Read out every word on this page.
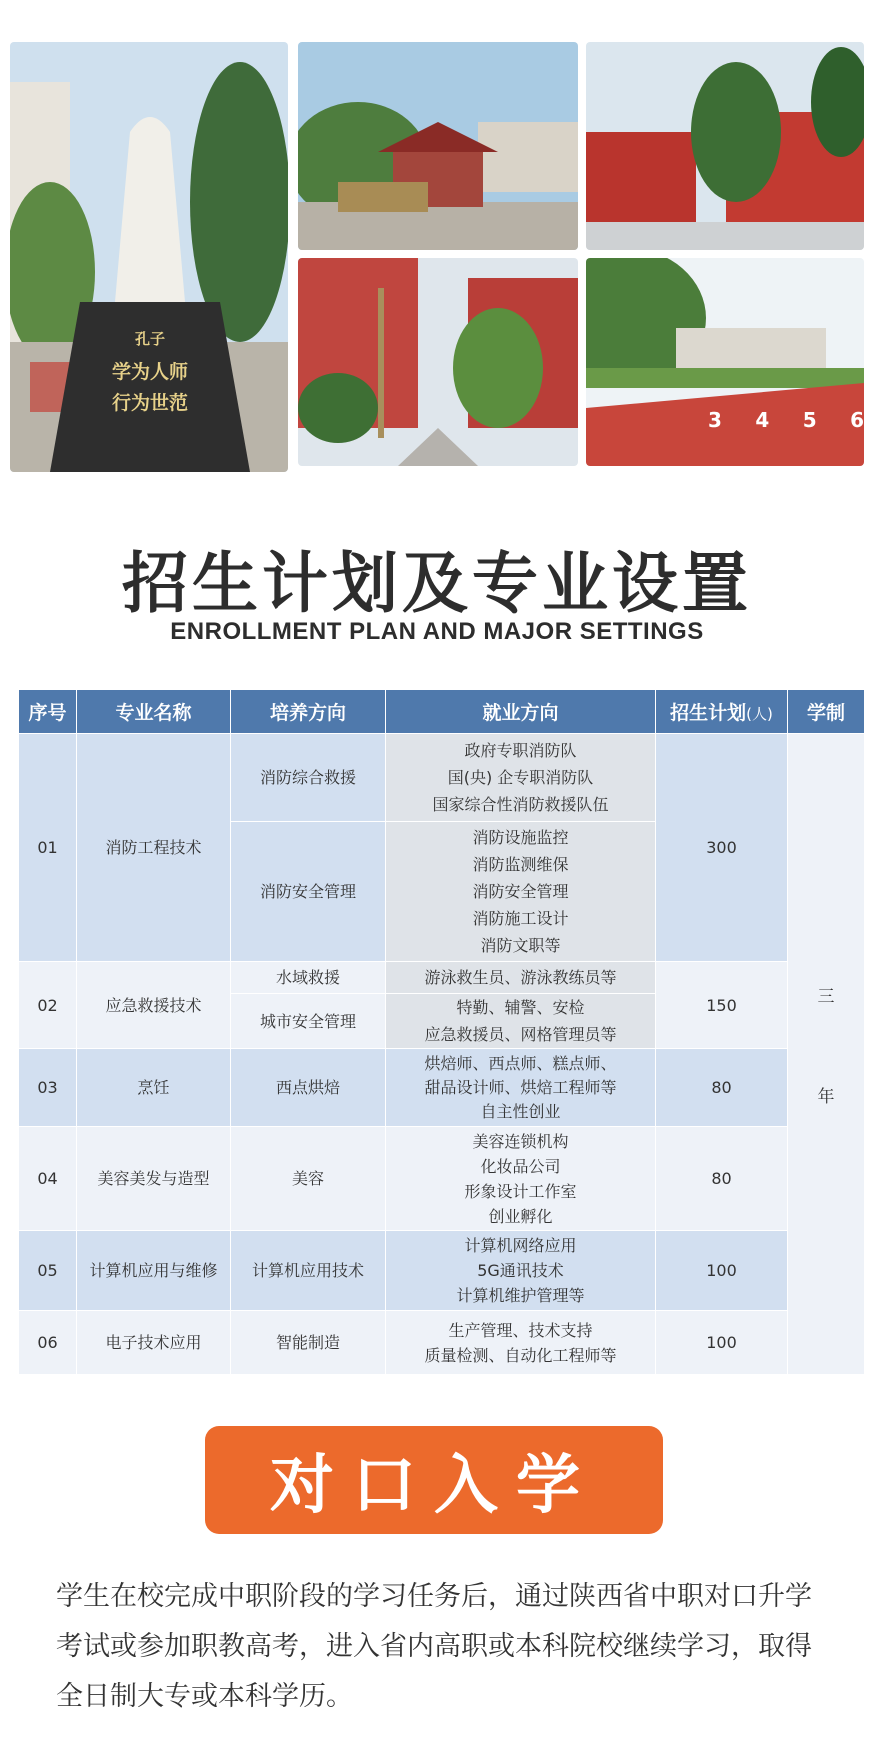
孔子
学为人师
行为世范
3 4 5 6
招生计划及专业设置
ENROLLMENT PLAN AND MAJOR SETTINGS
序号	专业名称	培养方向	就业方向	招生计划(人)	学制
01	消防工程技术	消防综合救援	政府专职消防队
国(央) 企专职消防队
国家综合性消防救援队伍	300	三
年

		消防安全管理	消防设施监控
消防监测维保
消防安全管理
消防施工设计
消防文职等		

02	应急救援技术	水域救援	游泳救生员、游泳教练员等	150	
		城市安全管理	特勤、辅警、安检
应急救援员、网格管理员等		

03	烹饪	西点烘焙	烘焙师、西点师、糕点师、
甜品设计师、烘焙工程师等
自主性创业	80	
04	美容美发与造型	美容	美容连锁机构
化妆品公司
形象设计工作室
创业孵化	80	
05	计算机应用与维修	计算机应用技术	计算机网络应用
5G通讯技术
计算机维护管理等	100	
06	电子技术应用	智能制造	生产管理、技术支持
质量检测、自动化工程师等	100	
对口入学
学生在校完成中职阶段的学习任务后，通过陕西省中职对口升学考试或参加职教高考，进入省内高职或本科院校继续学习，取得全日制大专或本科学历。
